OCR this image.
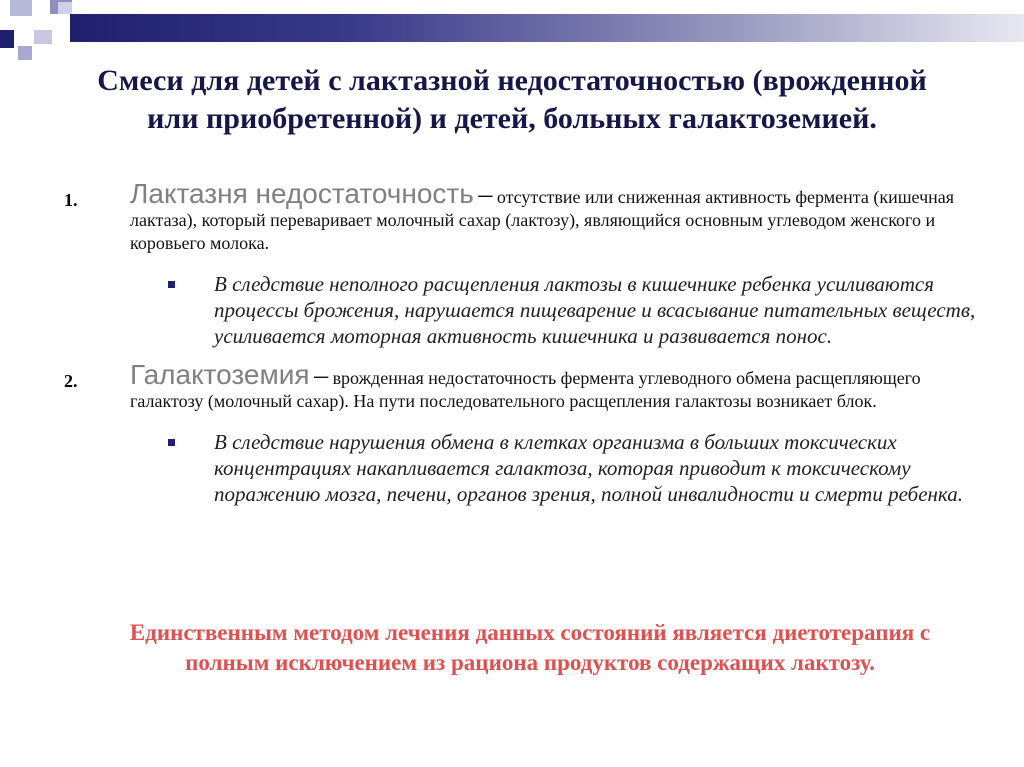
Смеси для детей с лактазной недостаточностью (врожденной или приобретенной) и детей, больных галактоземией.
1. Лактазня недостаточность – отсутствие или сниженная активность фермента (кишечная лактаза), который переваривает молочный сахар (лактозу), являющийся основным углеводом женского и коровьего молока.
В следствие неполного расщепления лактозы в кишечнике ребенка усиливаются процессы брожения, нарушается пищеварение и всасывание питательных веществ, усиливается моторная активность кишечника и развивается понос.
2. Галактоземия – врожденная недостаточность фермента углеводного обмена расщепляющего галактозу (молочный сахар). На пути последовательного расщепления галактозы возникает блок.
В следствие нарушения обмена в клетках организма в больших токсических концентрациях накапливается галактоза, которая приводит к токсическому поражению мозга, печени, органов зрения, полной инвалидности и смерти ребенка.
Единственным методом лечения данных состояний является диетотерапия с полным исключением из рациона продуктов содержащих лактозу.
